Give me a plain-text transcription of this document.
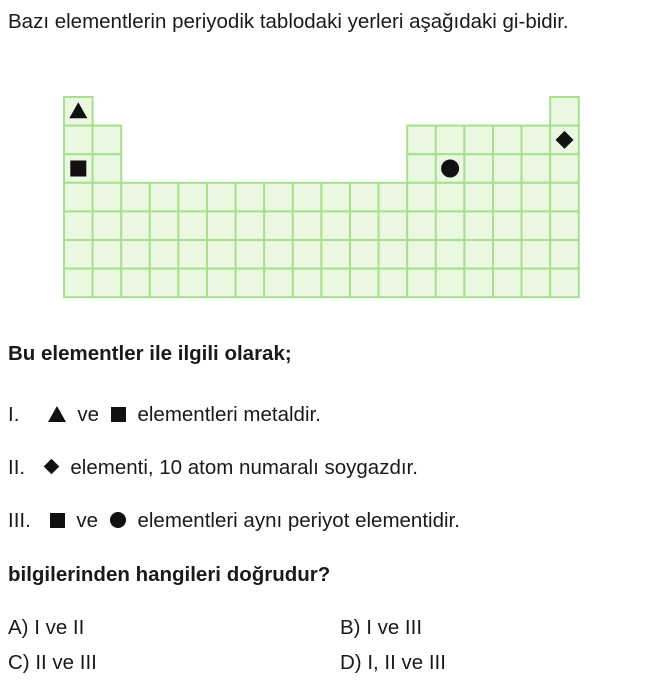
Bazı elementlerin periyodik tablodaki yerleri aşağıdaki gi-bidir.
Bu elementler ile ilgili olarak;
I.	ve elementleri metaldir.
II. elementi, 10 atom numaralı soygazdır.
III. ve elementleri aynı periyot elementidir.
bilgilerinden hangileri doğrudur?
A) I ve II	B) I ve III
C) II ve III	D) I, II ve III
